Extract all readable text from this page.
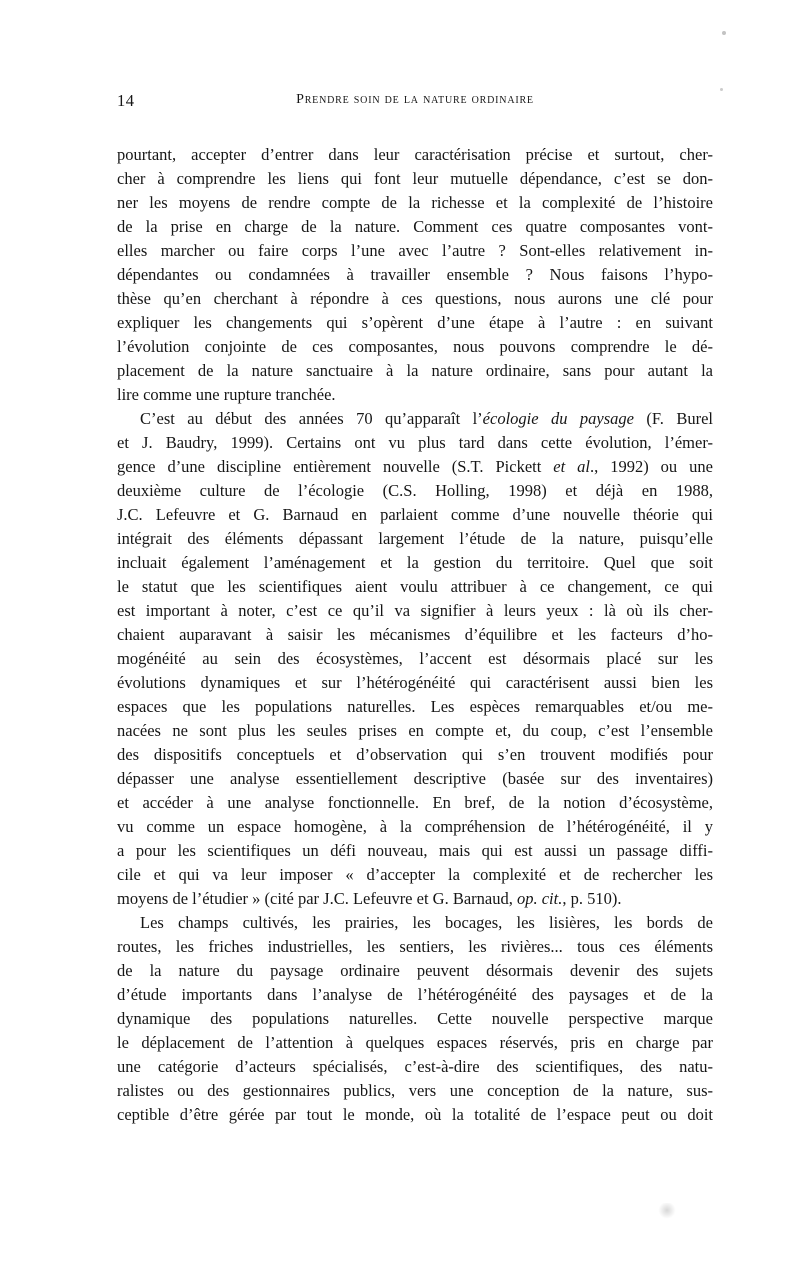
14	Prendre soin de la nature ordinaire
pourtant, accepter d’entrer dans leur caractérisation précise et surtout, cher-
cher à comprendre les liens qui font leur mutuelle dépendance, c’est se don-
ner les moyens de rendre compte de la richesse et la complexité de l’histoire
de la prise en charge de la nature. Comment ces quatre composantes vont-
elles marcher ou faire corps l’une avec l’autre ? Sont-elles relativement in-
dépendantes ou condamnées à travailler ensemble ? Nous faisons l’hypo-
thèse qu’en cherchant à répondre à ces questions, nous aurons une clé pour
expliquer les changements qui s’opèrent d’une étape à l’autre : en suivant
l’évolution conjointe de ces composantes, nous pouvons comprendre le dé-
placement de la nature sanctuaire à la nature ordinaire, sans pour autant la
lire comme une rupture tranchée.
C’est au début des années 70 qu’apparaît l’écologie du paysage (F. Burel
et J. Baudry, 1999). Certains ont vu plus tard dans cette évolution, l’émer-
gence d’une discipline entièrement nouvelle (S.T. Pickett et al., 1992) ou une
deuxième culture de l’écologie (C.S. Holling, 1998) et déjà en 1988,
J.C. Lefeuvre et G. Barnaud en parlaient comme d’une nouvelle théorie qui
intégrait des éléments dépassant largement l’étude de la nature, puisqu’elle
incluait également l’aménagement et la gestion du territoire. Quel que soit
le statut que les scientifiques aient voulu attribuer à ce changement, ce qui
est important à noter, c’est ce qu’il va signifier à leurs yeux : là où ils cher-
chaient auparavant à saisir les mécanismes d’équilibre et les facteurs d’ho-
mogénéité au sein des écosystèmes, l’accent est désormais placé sur les
évolutions dynamiques et sur l’hétérogénéité qui caractérisent aussi bien les
espaces que les populations naturelles. Les espèces remarquables et/ou me-
nacées ne sont plus les seules prises en compte et, du coup, c’est l’ensemble
des dispositifs conceptuels et d’observation qui s’en trouvent modifiés pour
dépasser une analyse essentiellement descriptive (basée sur des inventaires)
et accéder à une analyse fonctionnelle. En bref, de la notion d’écosystème,
vu comme un espace homogène, à la compréhension de l’hétérogénéité, il y
a pour les scientifiques un défi nouveau, mais qui est aussi un passage diffi-
cile et qui va leur imposer « d’accepter la complexité et de rechercher les
moyens de l’étudier » (cité par J.C. Lefeuvre et G. Barnaud, op. cit., p. 510).
Les champs cultivés, les prairies, les bocages, les lisières, les bords de
routes, les friches industrielles, les sentiers, les rivières... tous ces éléments
de la nature du paysage ordinaire peuvent désormais devenir des sujets
d’étude importants dans l’analyse de l’hétérogénéité des paysages et de la
dynamique des populations naturelles. Cette nouvelle perspective marque
le déplacement de l’attention à quelques espaces réservés, pris en charge par
une catégorie d’acteurs spécialisés, c’est-à-dire des scientifiques, des natu-
ralistes ou des gestionnaires publics, vers une conception de la nature, sus-
ceptible d’être gérée par tout le monde, où la totalité de l’espace peut ou doit
